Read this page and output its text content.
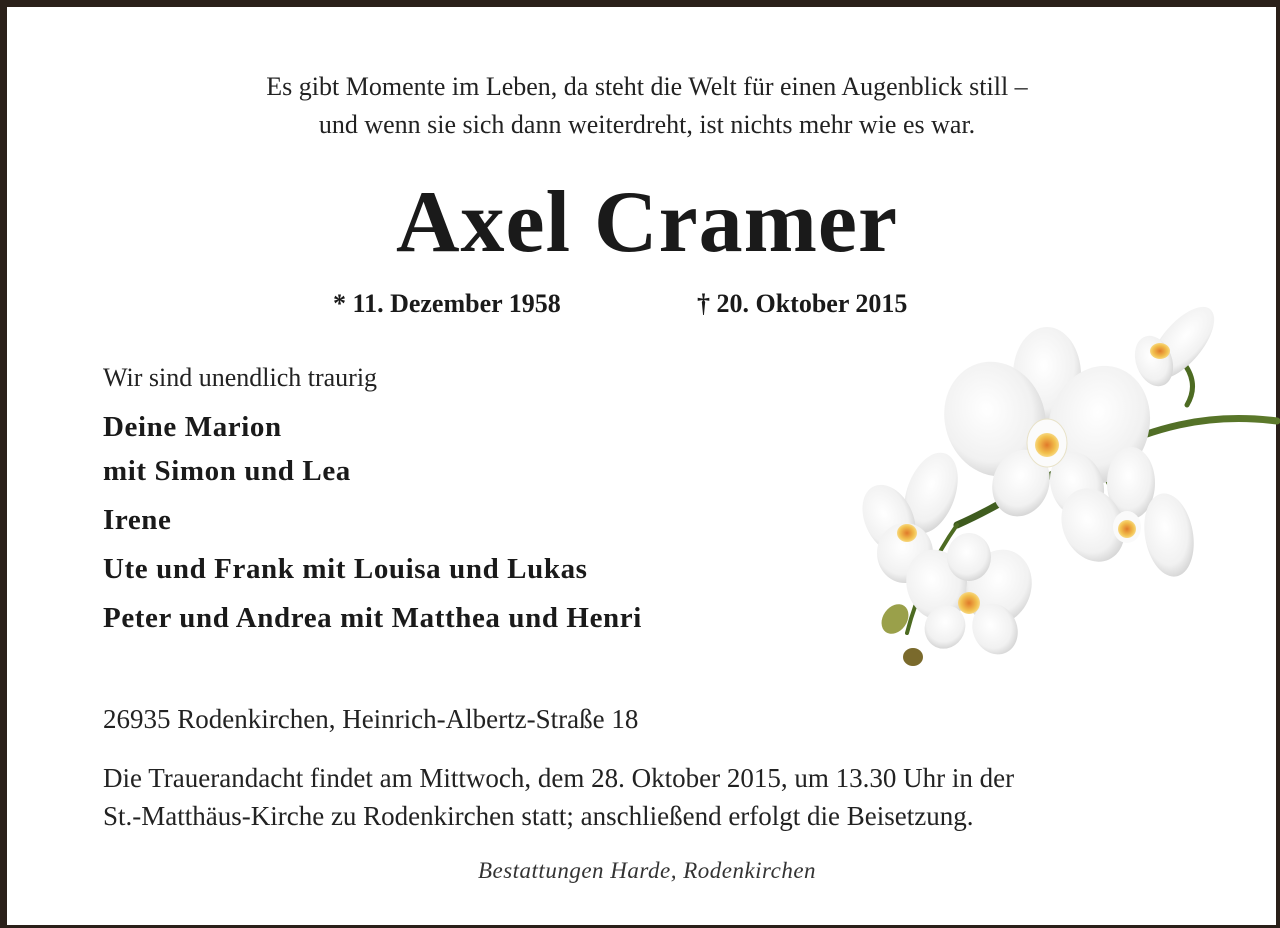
Es gibt Momente im Leben, da steht die Welt für einen Augenblick still –
und wenn sie sich dann weiterdreht, ist nichts mehr wie es war.
Axel Cramer
* 11. Dezember 1958	† 20. Oktober 2015
Wir sind unendlich traurig
Deine Marion
mit Simon und Lea
Irene
Ute und Frank mit Louisa und Lukas
Peter und Andrea mit Matthea und Henri
26935 Rodenkirchen, Heinrich-Albertz-Straße 18
Die Trauerandacht findet am Mittwoch, dem 28. Oktober 2015, um 13.30 Uhr in der
St.-Matthäus-Kirche zu Rodenkirchen statt; anschließend erfolgt die Beisetzung.
Bestattungen Harde, Rodenkirchen
